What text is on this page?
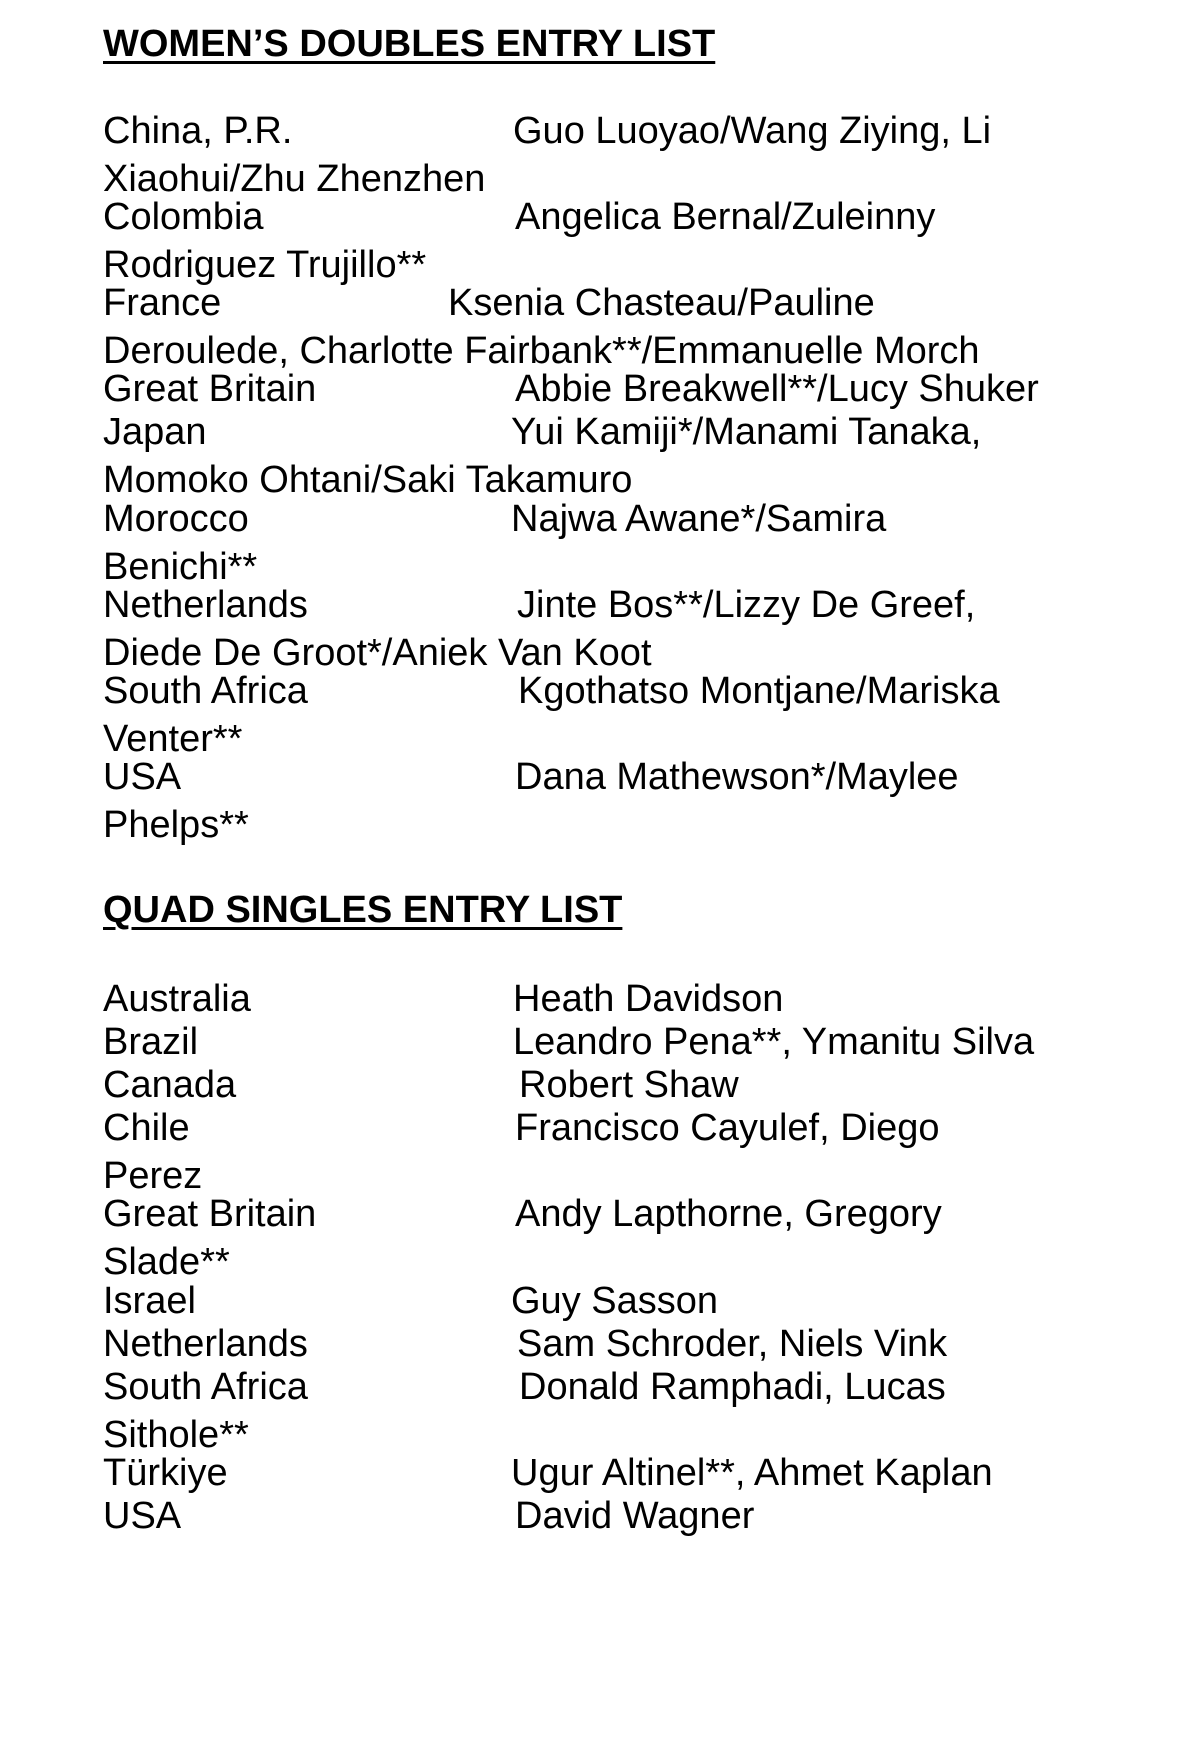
WOMEN’S DOUBLES ENTRY LIST
China, P.R.	Guo Luoyao/Wang Ziying, Li
Xiaohui/Zhu Zhenzhen
Colombia	Angelica Bernal/Zuleinny
Rodriguez Trujillo**
France	Ksenia Chasteau/Pauline
Deroulede, Charlotte Fairbank**/Emmanuelle Morch
Great Britain	Abbie Breakwell**/Lucy Shuker
Japan	Yui Kamiji*/Manami Tanaka,
Momoko Ohtani/Saki Takamuro
Morocco	Najwa Awane*/Samira
Benichi**
Netherlands	Jinte Bos**/Lizzy De Greef,
Diede De Groot*/Aniek Van Koot
South Africa	Kgothatso Montjane/Mariska
Venter**
USA	Dana Mathewson*/Maylee
Phelps**
QUAD SINGLES ENTRY LIST
Australia	Heath Davidson
Brazil	Leandro Pena**, Ymanitu Silva
Canada	Robert Shaw
Chile	Francisco Cayulef, Diego
Perez
Great Britain	Andy Lapthorne, Gregory
Slade**
Israel	Guy Sasson
Netherlands	Sam Schroder, Niels Vink
South Africa	Donald Ramphadi, Lucas
Sithole**
Türkiye	Ugur Altinel**, Ahmet Kaplan
USA	David Wagner
